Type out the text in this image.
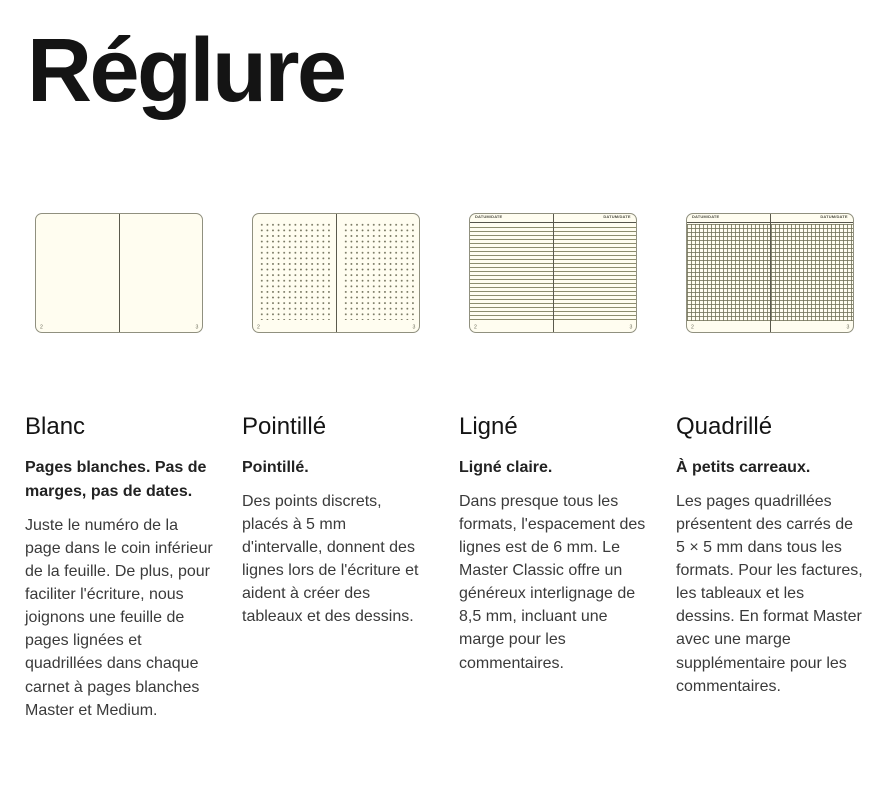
Réglure
2	3
Blanc

Pages blanches. Pas de marges, pas de dates.

Juste le numéro de la page dans le coin inférieur de la feuille. De plus, pour faciliter l'écriture, nous joignons une feuille de pages lignées et quadrillées dans chaque carnet à pages blanches Master et Medium.

2	3
Pointillé

Pointillé.

Des points discrets, placés à 5 mm d'intervalle, donnent des lignes lors de l'écriture et aident à créer des tableaux et des dessins.

DATUM/DATE
2
DATUM/DATE
3
Ligné

Ligné claire.

Dans presque tous les formats, l'espacement des lignes est de 6 mm. Le Master Classic offre un généreux interlignage de 8,5 mm, incluant une marge pour les commentaires.

DATUM/DATE
2
DATUM/DATE
3
Quadrillé

À petits carreaux.

Les pages quadrillées présentent des carrés de 5 × 5 mm dans tous les formats. Pour les factures, les tableaux et les dessins. En format Master avec une marge supplémentaire pour les commentaires.
